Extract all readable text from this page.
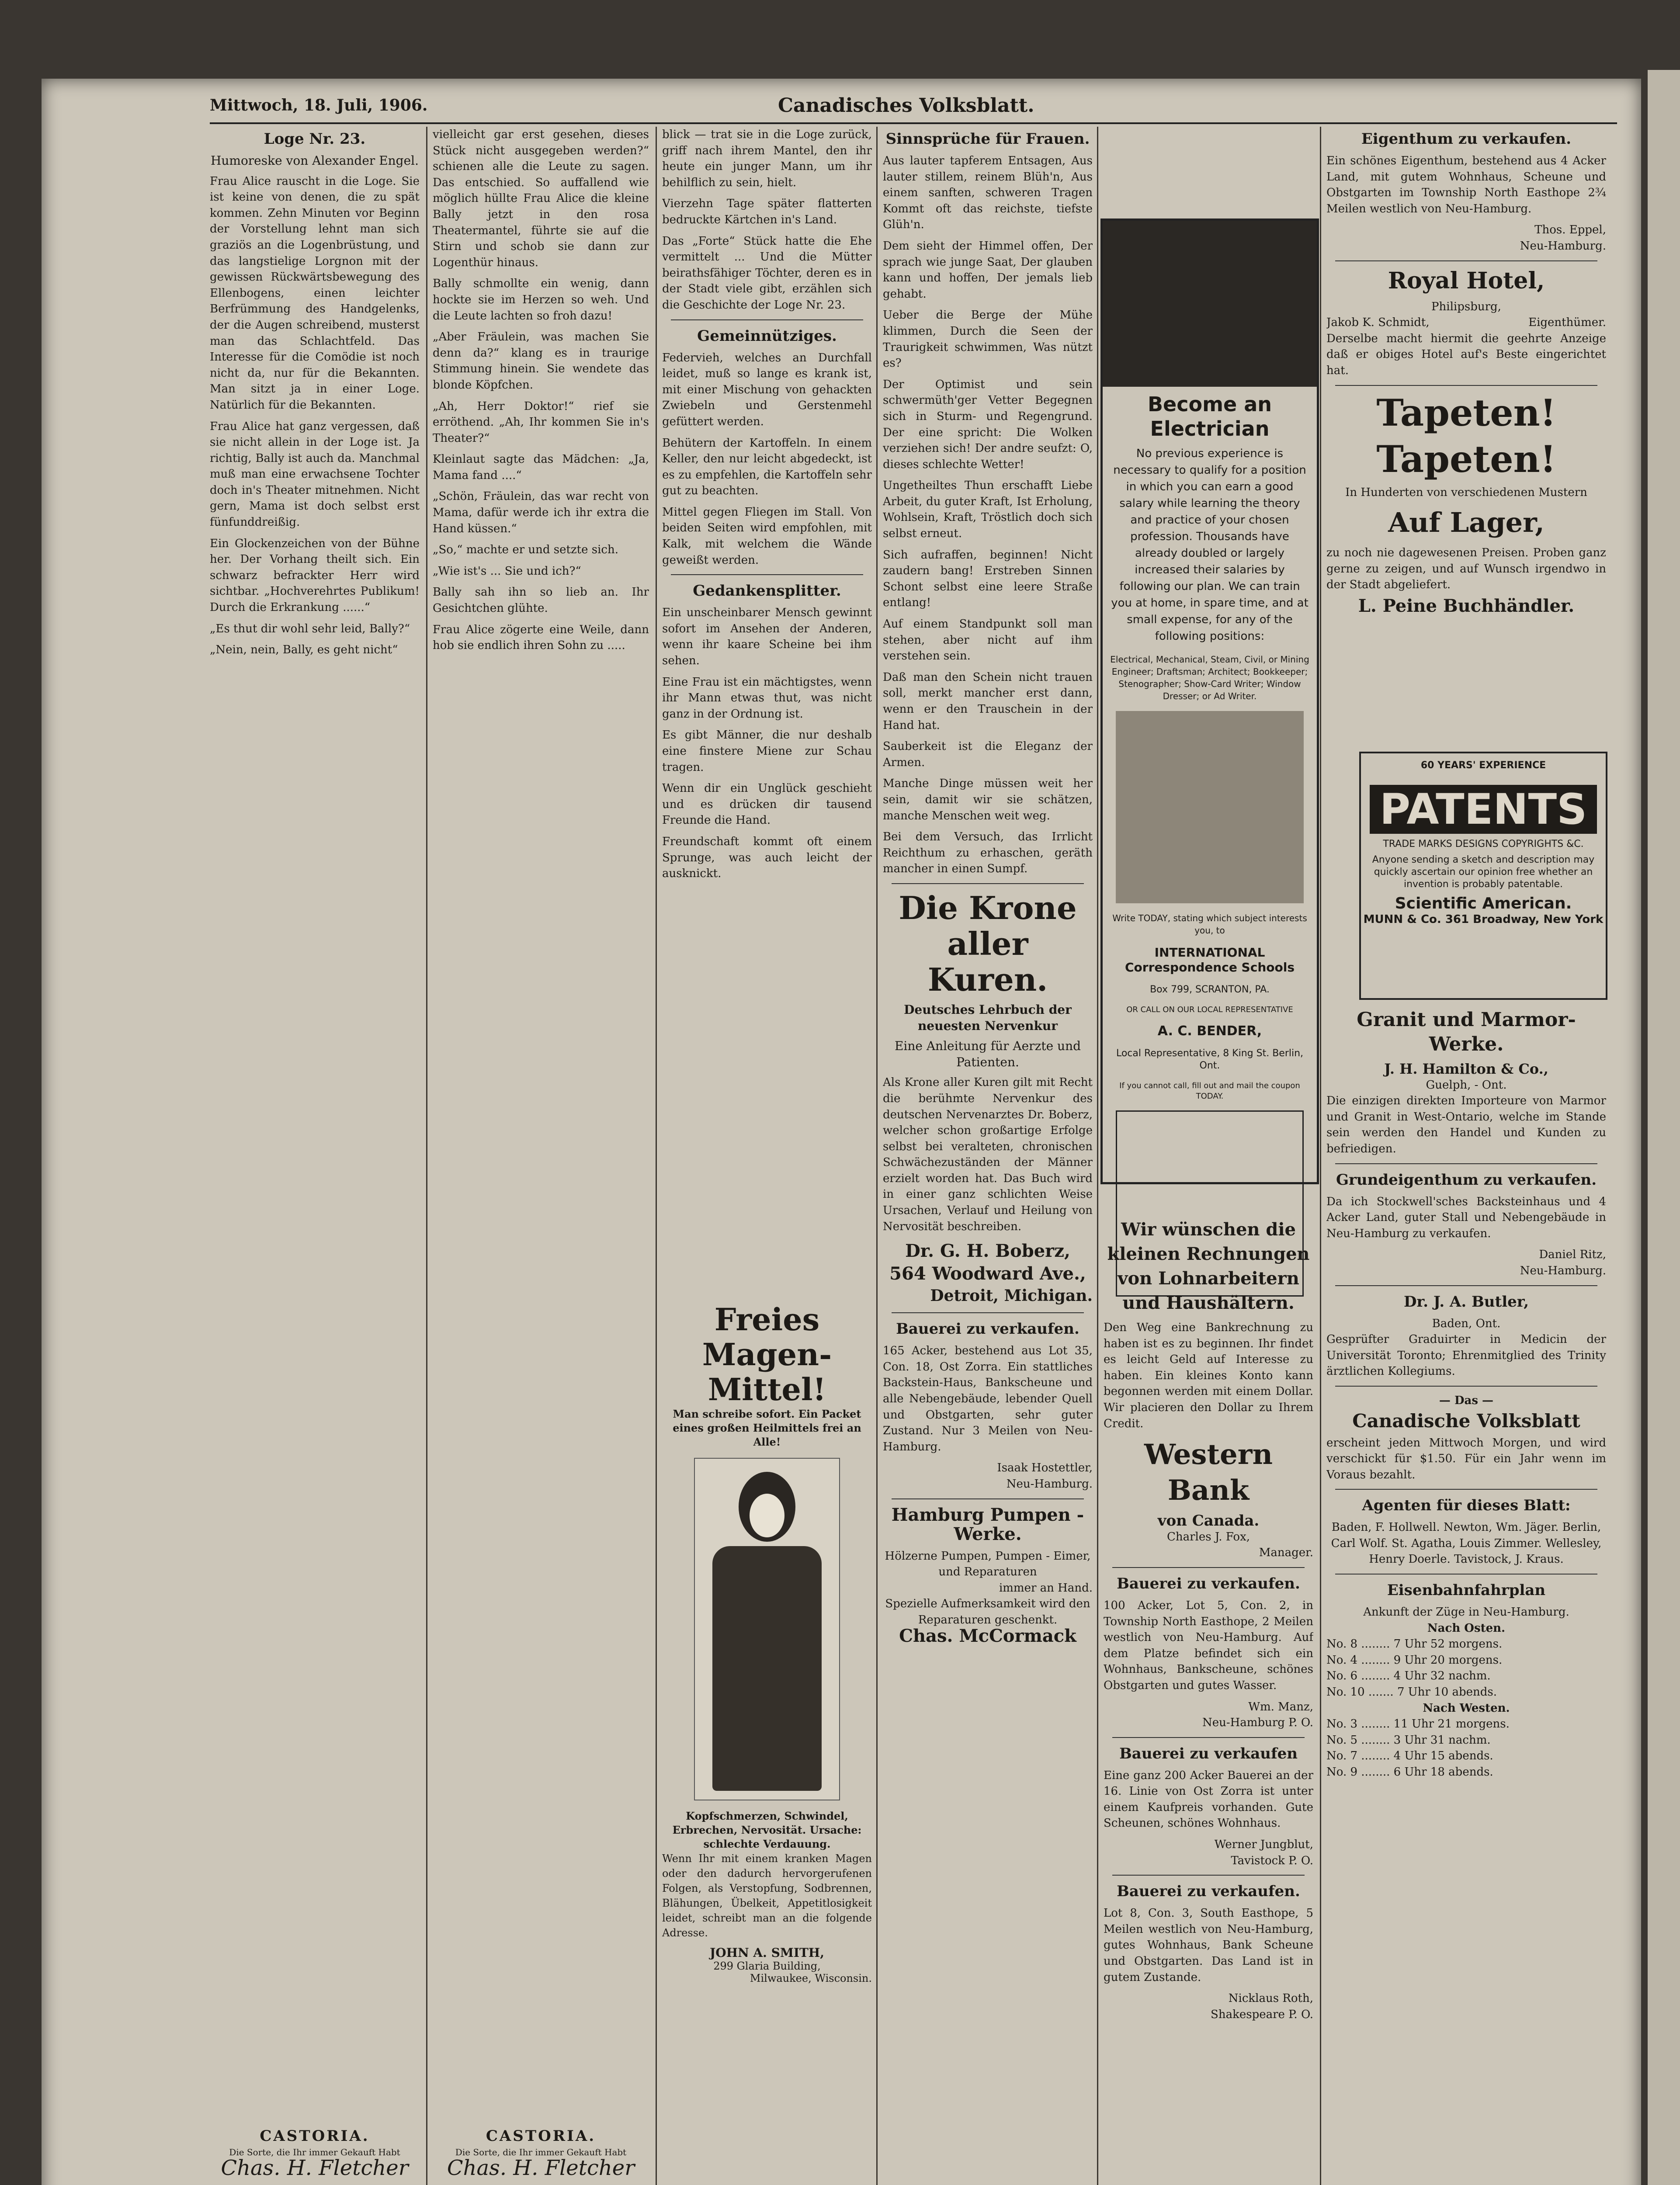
Mittwoch, 18. Juli, 1906.	Canadisches Volksblatt.
Loge Nr. 23.
Humoreske von Alexander Engel.

Frau Alice rauscht in die Loge. Sie ist keine von denen, die zu spät kommen. Zehn Minuten vor Beginn der Vorstellung lehnt man sich graziös an die Logenbrüstung, und das langstielige Lorgnon mit der gewissen Rückwärtsbewegung des Ellenbogens, einen leichter Berfrümmung des Handgelenks, der die Augen schreibend, musterst man das Schlachtfeld. Das Interesse für die Comödie ist noch nicht da, nur für die Bekannten. Man sitzt ja in einer Loge. Natürlich für die Bekannten.

Frau Alice hat ganz vergessen, daß sie nicht allein in der Loge ist. Ja richtig, Bally ist auch da. Manchmal muß man eine erwachsene Tochter doch in's Theater mitnehmen. Nicht gern, Mama ist doch selbst erst fünfunddreißig.

Ein Glockenzeichen von der Bühne her. Der Vorhang theilt sich. Ein schwarz befrackter Herr wird sichtbar. „Hochverehrtes Publikum! Durch die Erkrankung ......“

„Es thut dir wohl sehr leid, Bally?“

„Nein, nein, Bally, es geht nicht“

CASTORIA.
Die Sorte, die Ihr immer Gekauft Habt
Chas. H. Fletcher

vielleicht gar erst gesehen, dieses Stück nicht ausgegeben werden?“ schienen alle die Leute zu sagen. Das entschied. So auffallend wie möglich hüllte Frau Alice die kleine Bally jetzt in den rosa Theatermantel, führte sie auf die Stirn und schob sie dann zur Logenthür hinaus.

Bally schmollte ein wenig, dann hockte sie im Herzen so weh. Und die Leute lachten so froh dazu!

„Aber Fräulein, was machen Sie denn da?“ klang es in traurige Stimmung hinein. Sie wendete das blonde Köpfchen.

„Ah, Herr Doktor!“ rief sie erröthend. „Ah, Ihr kommen Sie in's Theater?“

Kleinlaut sagte das Mädchen: „Ja, Mama fand ....“

„Schön, Fräulein, das war recht von Mama, dafür werde ich ihr extra die Hand küssen.“

„So,“ machte er und setzte sich.

„Wie ist's ... Sie und ich?“

Bally sah ihn so lieb an. Ihr Gesichtchen glühte.

Frau Alice zögerte eine Weile, dann hob sie endlich ihren Sohn zu .....

CASTORIA.
Die Sorte, die Ihr immer Gekauft Habt
Chas. H. Fletcher

blick — trat sie in die Loge zurück, griff nach ihrem Mantel, den ihr heute ein junger Mann, um ihr behilflich zu sein, hielt.

Vierzehn Tage später flatterten bedruckte Kärtchen in's Land.

Das „Forte“ Stück hatte die Ehe vermittelt ... Und die Mütter beirathsfähiger Töchter, deren es in der Stadt viele gibt, erzählen sich die Geschichte der Loge Nr. 23.

Gemeinnütziges.

Federvieh, welches an Durchfall leidet, muß so lange es krank ist, mit einer Mischung von gehackten Zwiebeln und Gerstenmehl gefüttert werden.

Behütern der Kartoffeln. In einem Keller, den nur leicht abgedeckt, ist es zu empfehlen, die Kartoffeln sehr gut zu beachten.

Mittel gegen Fliegen im Stall. Von beiden Seiten wird empfohlen, mit Kalk, mit welchem die Wände geweißt werden.

Gedankensplitter.

Ein unscheinbarer Mensch gewinnt sofort im Ansehen der Anderen, wenn ihr kaare Scheine bei ihm sehen.

Eine Frau ist ein mächtigstes, wenn ihr Mann etwas thut, was nicht ganz in der Ordnung ist.

Es gibt Männer, die nur deshalb eine finstere Miene zur Schau tragen.

Wenn dir ein Unglück geschieht und es drücken dir tausend Freunde die Hand.

Freundschaft kommt oft einem Sprunge, was auch leicht der ausknickt.

Freies Magen-Mittel!
Man schreibe sofort. Ein Packet eines großen Heilmittels frei an Alle!
Kopfschmerzen, Schwindel, Erbrechen, Nervosität. Ursache: schlechte Verdauung.

Wenn Ihr mit einem kranken Magen oder den dadurch hervorgerufenen Folgen, als Verstopfung, Sodbrennen, Blähungen, Übelkeit, Appetitlosigkeit leidet, schreibt man an die folgende Adresse.

JOHN A. SMITH,
299 Glaria Building,
Milwaukee, Wisconsin.
Sinnsprüche für Frauen.

Aus lauter tapferem Entsagen, Aus lauter stillem, reinem Blüh'n, Aus einem sanften, schweren Tragen Kommt oft das reichste, tiefste Glüh'n.

Dem sieht der Himmel offen, Der sprach wie junge Saat, Der glauben kann und hoffen, Der jemals lieb gehabt.

Ueber die Berge der Mühe klimmen, Durch die Seen der Traurigkeit schwimmen, Was nützt es?

Der Optimist und sein schwermüth'ger Vetter Begegnen sich in Sturm- und Regengrund. Der eine spricht: Die Wolken verziehen sich! Der andre seufzt: O, dieses schlechte Wetter!

Ungetheiltes Thun erschafft Liebe Arbeit, du guter Kraft, Ist Erholung, Wohlsein, Kraft, Tröstlich doch sich selbst erneut.

Sich aufraffen, beginnen! Nicht zaudern bang! Erstreben Sinnen Schont selbst eine leere Straße entlang!

Auf einem Standpunkt soll man stehen, aber nicht auf ihm verstehen sein.

Daß man den Schein nicht trauen soll, merkt mancher erst dann, wenn er den Trauschein in der Hand hat.

Sauberkeit ist die Eleganz der Armen.

Manche Dinge müssen weit her sein, damit wir sie schätzen, manche Menschen weit weg.

Bei dem Versuch, das Irrlicht Reichthum zu erhaschen, geräth mancher in einen Sumpf.

Die Krone aller Kuren.
Deutsches Lehrbuch der neuesten Nervenkur
Eine Anleitung für Aerzte und Patienten.

Als Krone aller Kuren gilt mit Recht die berühmte Nervenkur des deutschen Nervenarztes Dr. Boberz, welcher schon großartige Erfolge selbst bei veralteten, chronischen Schwächezuständen der Männer erzielt worden hat. Das Buch wird in einer ganz schlichten Weise Ursachen, Verlauf und Heilung von Nervosität beschreiben.

Dr. G. H. Boberz,
564 Woodward Ave.,
Detroit, Michigan.
Bauerei zu verkaufen.

165 Acker, bestehend aus Lot 35, Con. 18, Ost Zorra. Ein stattliches Backstein-Haus, Bankscheune und alle Nebengebäude, lebender Quell und Obstgarten, sehr guter Zustand. Nur 3 Meilen von Neu-Hamburg.

Isaak Hostettler,
Neu-Hamburg.
Hamburg Pumpen - Werke.
Hölzerne Pumpen, Pumpen - Eimer, und Reparaturen
immer an Hand.
Spezielle Aufmerksamkeit wird den Reparaturen geschenkt.
Chas. McCormack
Become an Electrician
No previous experience is necessary to qualify for a position in which you can earn a good salary while learning the theory and practice of your chosen profession. Thousands have already doubled or largely increased their salaries by following our plan. We can train you at home, in spare time, and at small expense, for any of the following positions:
Electrical, Mechanical, Steam, Civil, or Mining Engineer; Draftsman; Architect; Bookkeeper; Stenographer; Show-Card Writer; Window Dresser; or Ad Writer.
Write TODAY, stating which subject interests you, to
INTERNATIONAL Correspondence Schools
Box 799, SCRANTON, PA.
OR CALL ON OUR LOCAL REPRESENTATIVE
A. C. BENDER,
Local Representative, 8 King St. Berlin, Ont.
If you cannot call, fill out and mail the coupon TODAY.
Wir wünschen die kleinen Rechnungen von Lohnarbeitern und Haushältern.

Den Weg eine Bankrechnung zu haben ist es zu beginnen. Ihr findet es leicht Geld auf Interesse zu haben. Ein kleines Konto kann begonnen werden mit einem Dollar. Wir placieren den Dollar zu Ihrem Credit.

Western Bank
von Canada.
Charles J. Fox,
Manager.
Bauerei zu verkaufen.

100 Acker, Lot 5, Con. 2, in Township North Easthope, 2 Meilen westlich von Neu-Hamburg. Auf dem Platze befindet sich ein Wohnhaus, Bankscheune, schönes Obstgarten und gutes Wasser.

Wm. Manz,
Neu-Hamburg P. O.
Bauerei zu verkaufen

Eine ganz 200 Acker Bauerei an der 16. Linie von Ost Zorra ist unter einem Kaufpreis vorhanden. Gute Scheunen, schönes Wohnhaus.

Werner Jungblut,
Tavistock P. O.
Bauerei zu verkaufen.

Lot 8, Con. 3, South Easthope, 5 Meilen westlich von Neu-Hamburg, gutes Wohnhaus, Bank Scheune und Obstgarten. Das Land ist in gutem Zustande.

Nicklaus Roth,
Shakespeare P. O.
Eigenthum zu verkaufen.

Ein schönes Eigenthum, bestehend aus 4 Acker Land, mit gutem Wohnhaus, Scheune und Obstgarten im Township North Easthope 2¾ Meilen westlich von Neu-Hamburg.

Thos. Eppel,
Neu-Hamburg.
Royal Hotel,
Philipsburg,
Jakob K. Schmidt,	Eigenthümer.

Derselbe macht hiermit die geehrte Anzeige daß er obiges Hotel auf's Beste eingerichtet hat.

Tapeten!
Tapeten!
In Hunderten von verschiedenen Mustern
Auf Lager,

zu noch nie dagewesenen Preisen. Proben ganz gerne zu zeigen, und auf Wunsch irgendwo in der Stadt abgeliefert.

L. Peine Buchhändler.
60 YEARS' EXPERIENCE
PATENTS
TRADE MARKS DESIGNS COPYRIGHTS &C.
Anyone sending a sketch and description may quickly ascertain our opinion free whether an invention is probably patentable.
Scientific American.
MUNN & Co. 361 Broadway, New York
Granit und Marmor-Werke.
J. H. Hamilton & Co.,
Guelph, - Ont.

Die einzigen direkten Importeure von Marmor und Granit in West-Ontario, welche im Stande sein werden den Handel und Kunden zu befriedigen.

Grundeigenthum zu verkaufen.

Da ich Stockwell'sches Backsteinhaus und 4 Acker Land, guter Stall und Nebengebäude in Neu-Hamburg zu verkaufen.

Daniel Ritz,
Neu-Hamburg.
Dr. J. A. Butler,
Baden, Ont.

Gesprüfter Graduirter in Medicin der Universität Toronto; Ehrenmitglied des Trinity ärztlichen Kollegiums.

— Das —
Canadische Volksblatt

erscheint jeden Mittwoch Morgen, und wird verschickt für $1.50. Für ein Jahr wenn im Voraus bezahlt.

Agenten für dieses Blatt:

Baden, F. Hollwell. Newton, Wm. Jäger. Berlin, Carl Wolf. St. Agatha, Louis Zimmer. Wellesley, Henry Doerle. Tavistock, J. Kraus.

Eisenbahnfahrplan
Ankunft der Züge in Neu-Hamburg.
Nach Osten.
No. 8 ........ 7 Uhr 52 morgens.
No. 4 ........ 9 Uhr 20 morgens.
No. 6 ........ 4 Uhr 32 nachm.
No. 10 ....... 7 Uhr 10 abends.
Nach Westen.
No. 3 ........ 11 Uhr 21 morgens.
No. 5 ........ 3 Uhr 31 nachm.
No. 7 ........ 4 Uhr 15 abends.
No. 9 ........ 6 Uhr 18 abends.
